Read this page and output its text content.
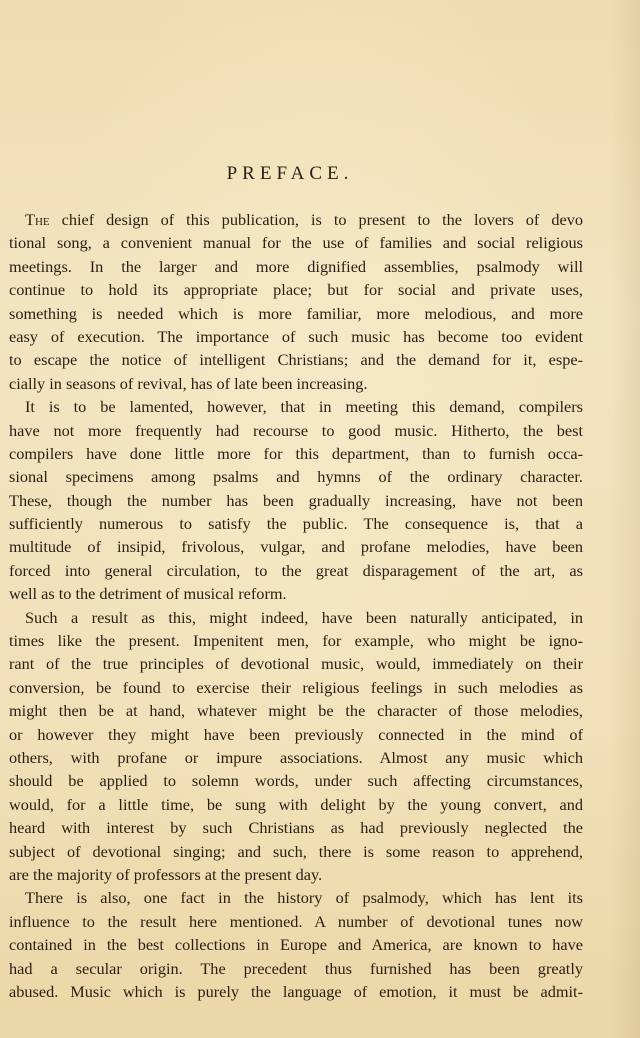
PREFACE.
The chief design of this publication, is to present to the lovers of devo
tional song, a convenient manual for the use of families and social religious
meetings. In the larger and more dignified assemblies, psalmody will
continue to hold its appropriate place; but for social and private uses,
something is needed which is more familiar, more melodious, and more
easy of execution. The importance of such music has become too evident
to escape the notice of intelligent Christians; and the demand for it, espe-
cially in seasons of revival, has of late been increasing.
It is to be lamented, however, that in meeting this demand, compilers
have not more frequently had recourse to good music. Hitherto, the best
compilers have done little more for this department, than to furnish occa-
sional specimens among psalms and hymns of the ordinary character.
These, though the number has been gradually increasing, have not been
sufficiently numerous to satisfy the public. The consequence is, that a
multitude of insipid, frivolous, vulgar, and profane melodies, have been
forced into general circulation, to the great disparagement of the art, as
well as to the detriment of musical reform.
Such a result as this, might indeed, have been naturally anticipated, in
times like the present. Impenitent men, for example, who might be igno-
rant of the true principles of devotional music, would, immediately on their
conversion, be found to exercise their religious feelings in such melodies as
might then be at hand, whatever might be the character of those melodies,
or however they might have been previously connected in the mind of
others, with profane or impure associations. Almost any music which
should be applied to solemn words, under such affecting circumstances,
would, for a little time, be sung with delight by the young convert, and
heard with interest by such Christians as had previously neglected the
subject of devotional singing; and such, there is some reason to apprehend,
are the majority of professors at the present day.
There is also, one fact in the history of psalmody, which has lent its
influence to the result here mentioned. A number of devotional tunes now
contained in the best collections in Europe and America, are known to have
had a secular origin. The precedent thus furnished has been greatly
abused. Music which is purely the language of emotion, it must be admit-
